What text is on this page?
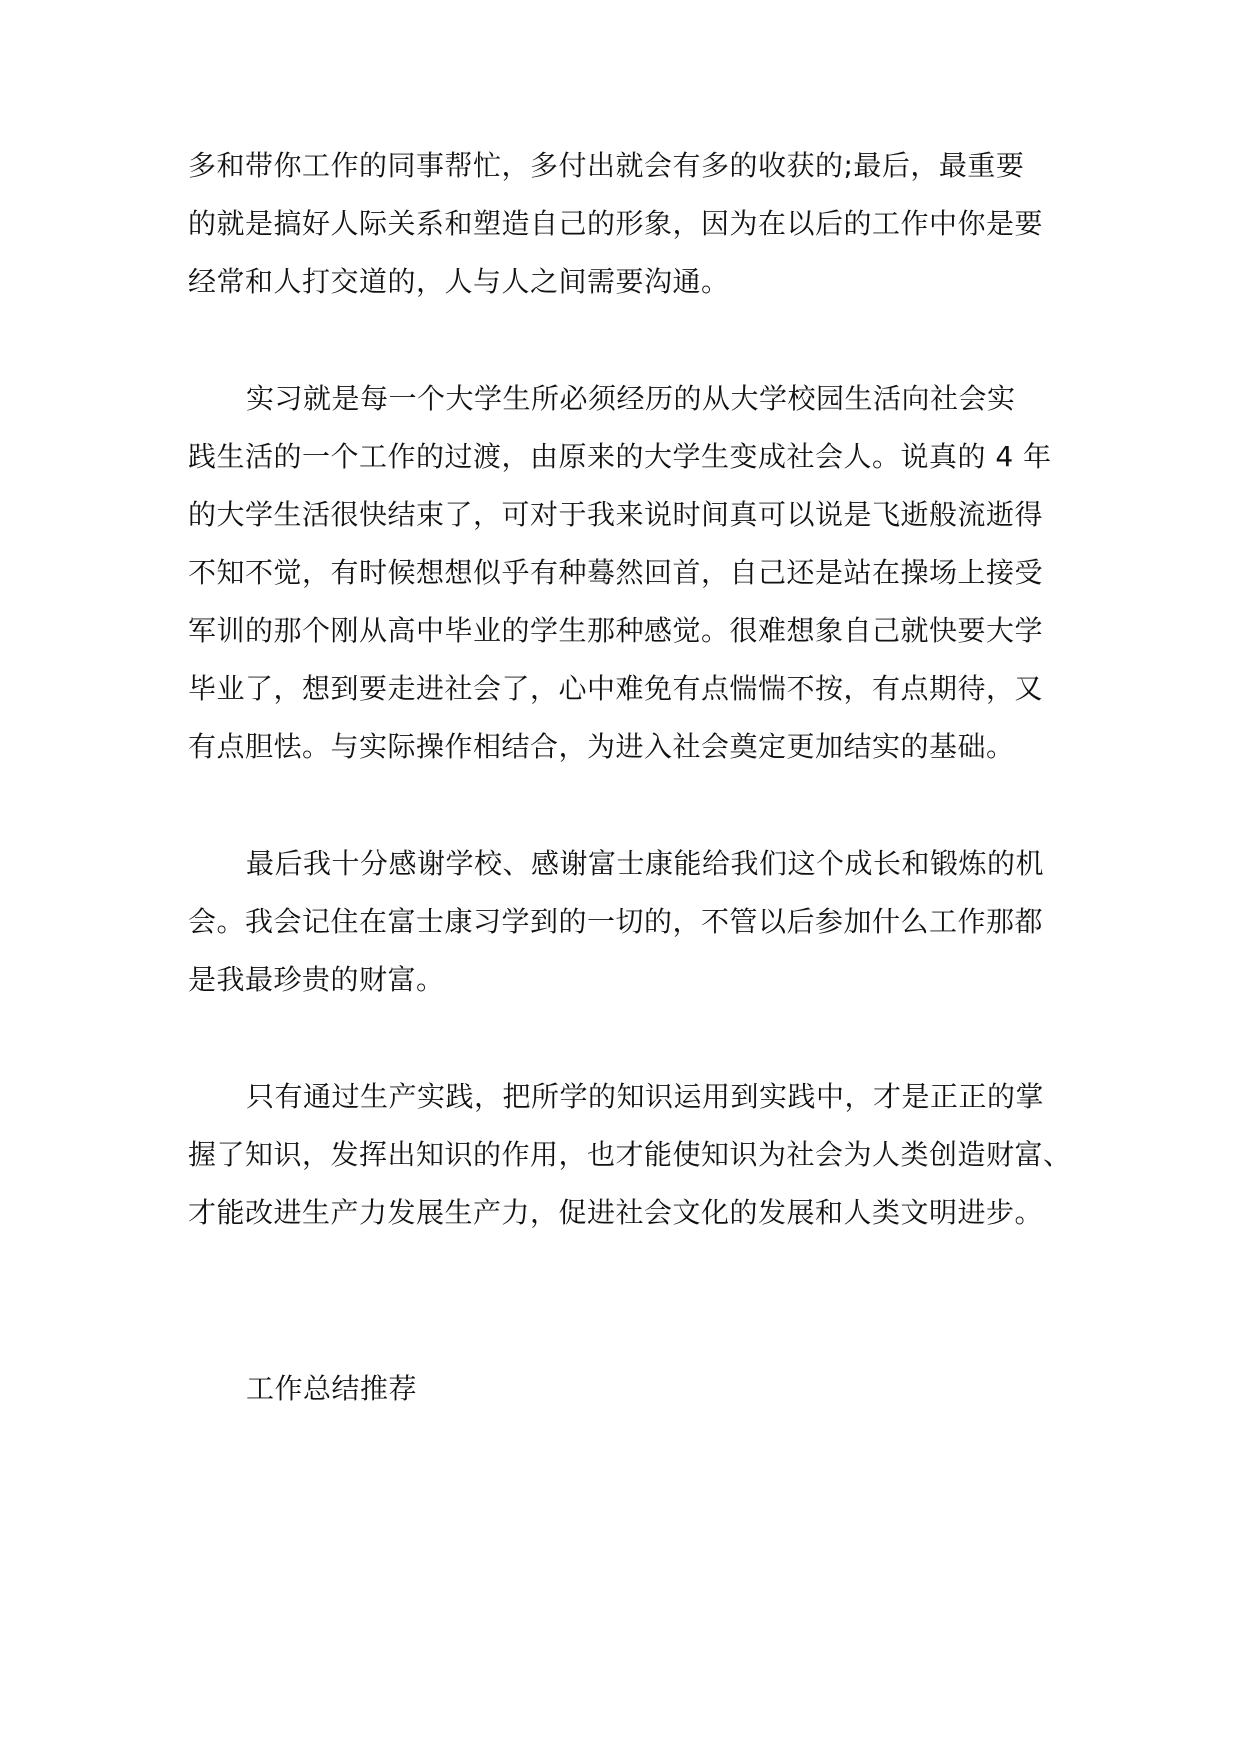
多和带你工作的同事帮忙，多付出就会有多的收获的;最后，最重要
的就是搞好人际关系和塑造自己的形象，因为在以后的工作中你是要
经常和人打交道的，人与人之间需要沟通。
实习就是每一个大学生所必须经历的从大学校园生活向社会实
践生活的一个工作的过渡，由原来的大学生变成社会人。说真的 4 年
的大学生活很快结束了，可对于我来说时间真可以说是飞逝般流逝得
不知不觉，有时候想想似乎有种蓦然回首，自己还是站在操场上接受
军训的那个刚从高中毕业的学生那种感觉。很难想象自己就快要大学
毕业了，想到要走进社会了，心中难免有点惴惴不按，有点期待，又
有点胆怯。与实际操作相结合，为进入社会奠定更加结实的基础。
最后我十分感谢学校、感谢富士康能给我们这个成长和锻炼的机
会。我会记住在富士康习学到的一切的，不管以后参加什么工作那都
是我最珍贵的财富。
只有通过生产实践，把所学的知识运用到实践中，才是正正的掌
握了知识，发挥出知识的作用，也才能使知识为社会为人类创造财富、
才能改进生产力发展生产力，促进社会文化的发展和人类文明进步。
工作总结推荐
